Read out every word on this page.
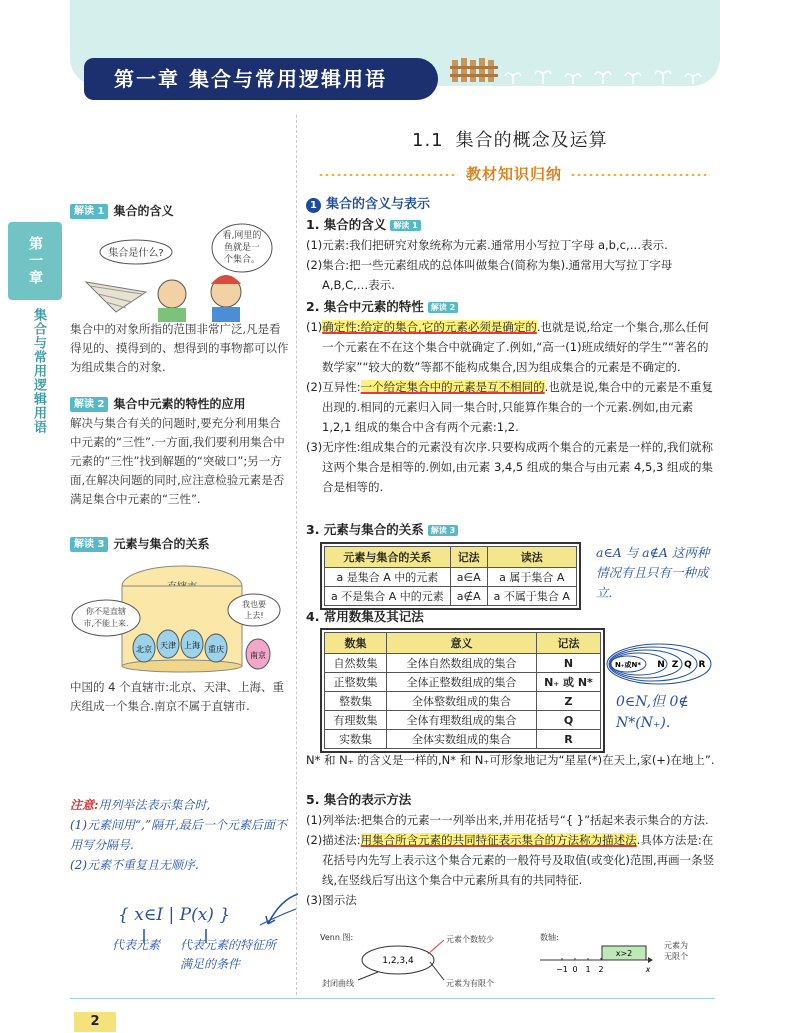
第一章 集合与常用逻辑用语
第一章
集合与常用逻辑用语
1.1 集合的概念及运算
教材知识归纳
解读 1 集合的含义
集合是什么?
看,网里的
鱼就是一
个集合。
集合中的对象所指的范围非常广泛,凡是看得见的、摸得到的、想得到的事物都可以作为组成集合的对象.
解读 2 集合中元素的特性的应用
解决与集合有关的问题时,要充分利用集合中元素的“三性”.一方面,我们要利用集合中元素的“三性”找到解题的“突破口”;另一方面,在解决问题的同时,应注意检验元素是否满足集合中元素的“三性”.
解读 3 元素与集合的关系
你不是直辖
市,不能上来.
我也要
上去!
北京 天津 上海 重庆
南京
中国的 4 个直辖市:北京、天津、上海、重庆组成一个集合.南京不属于直辖市.
注意:用列举法表示集合时,
(1)元素间用“,”隔开,最后一个元素后面不用写分隔号.
(2)元素不重复且无顺序.
{ x∈I | P(x) }
代表元素	代表元素的特征所满足的条件
1 集合的含义与表示
1. 集合的含义 解读 1
(1)元素:我们把研究对象统称为元素.通常用小写拉丁字母 a,b,c,…表示.
(2)集合:把一些元素组成的总体叫做集合(简称为集).通常用大写拉丁字母 A,B,C,…表示.
2. 集合中元素的特性 解读 2
(1)确定性:给定的集合,它的元素必须是确定的.也就是说,给定一个集合,那么任何一个元素在不在这个集合中就确定了.例如,“高一(1)班成绩好的学生”“著名的数学家”“较大的数”等都不能构成集合,因为组成集合的元素是不确定的.
(2)互异性:一个给定集合中的元素是互不相同的.也就是说,集合中的元素是不重复出现的.相同的元素归入同一集合时,只能算作集合的一个元素.例如,由元素 1,2,1 组成的集合中含有两个元素:1,2.
(3)无序性:组成集合的元素没有次序.只要构成两个集合的元素是一样的,我们就称这两个集合是相等的.例如,由元素 3,4,5 组成的集合与由元素 4,5,3 组成的集合是相等的.
3. 元素与集合的关系 解读 3
元素与集合的关系	记法	读法
a 是集合 A 中的元素	a∈A	a 属于集合 A
a 不是集合 A 中的元素	a∉A	a 不属于集合 A
a∈A 与 a∉A 这两种情况有且只有一种成立.
4. 常用数集及其记法
数集	意义	记法
自然数集	全体自然数组成的集合	N
正整数集	全体正整数组成的集合	N₊ 或 N*
整数集	全体整数组成的集合	Z
有理数集	全体有理数组成的集合	Q
实数集	全体实数组成的集合	R
N₊或N* N Z Q R
0∈N,但 0∉
N*(N₊).
N* 和 N₊ 的含义是一样的,N* 和 N₊可形象地记为“星星(*)在天上,家(+)在地上”.
5. 集合的表示方法
(1)列举法:把集合的元素一一列举出来,并用花括号“{ }”括起来表示集合的方法.
(2)描述法:用集合所含元素的共同特征表示集合的方法称为描述法.具体方法是:在花括号内先写上表示这个集合元素的一般符号及取值(或变化)范围,再画一条竖线,在竖线后写出这个集合中元素所具有的共同特征.
(3)图示法
Venn 图:
1,2,3,4
元素个数较少
封闭曲线	元素为有限个
数轴:
−1 0 1 2	x
x>2
元素为
无限个
2
